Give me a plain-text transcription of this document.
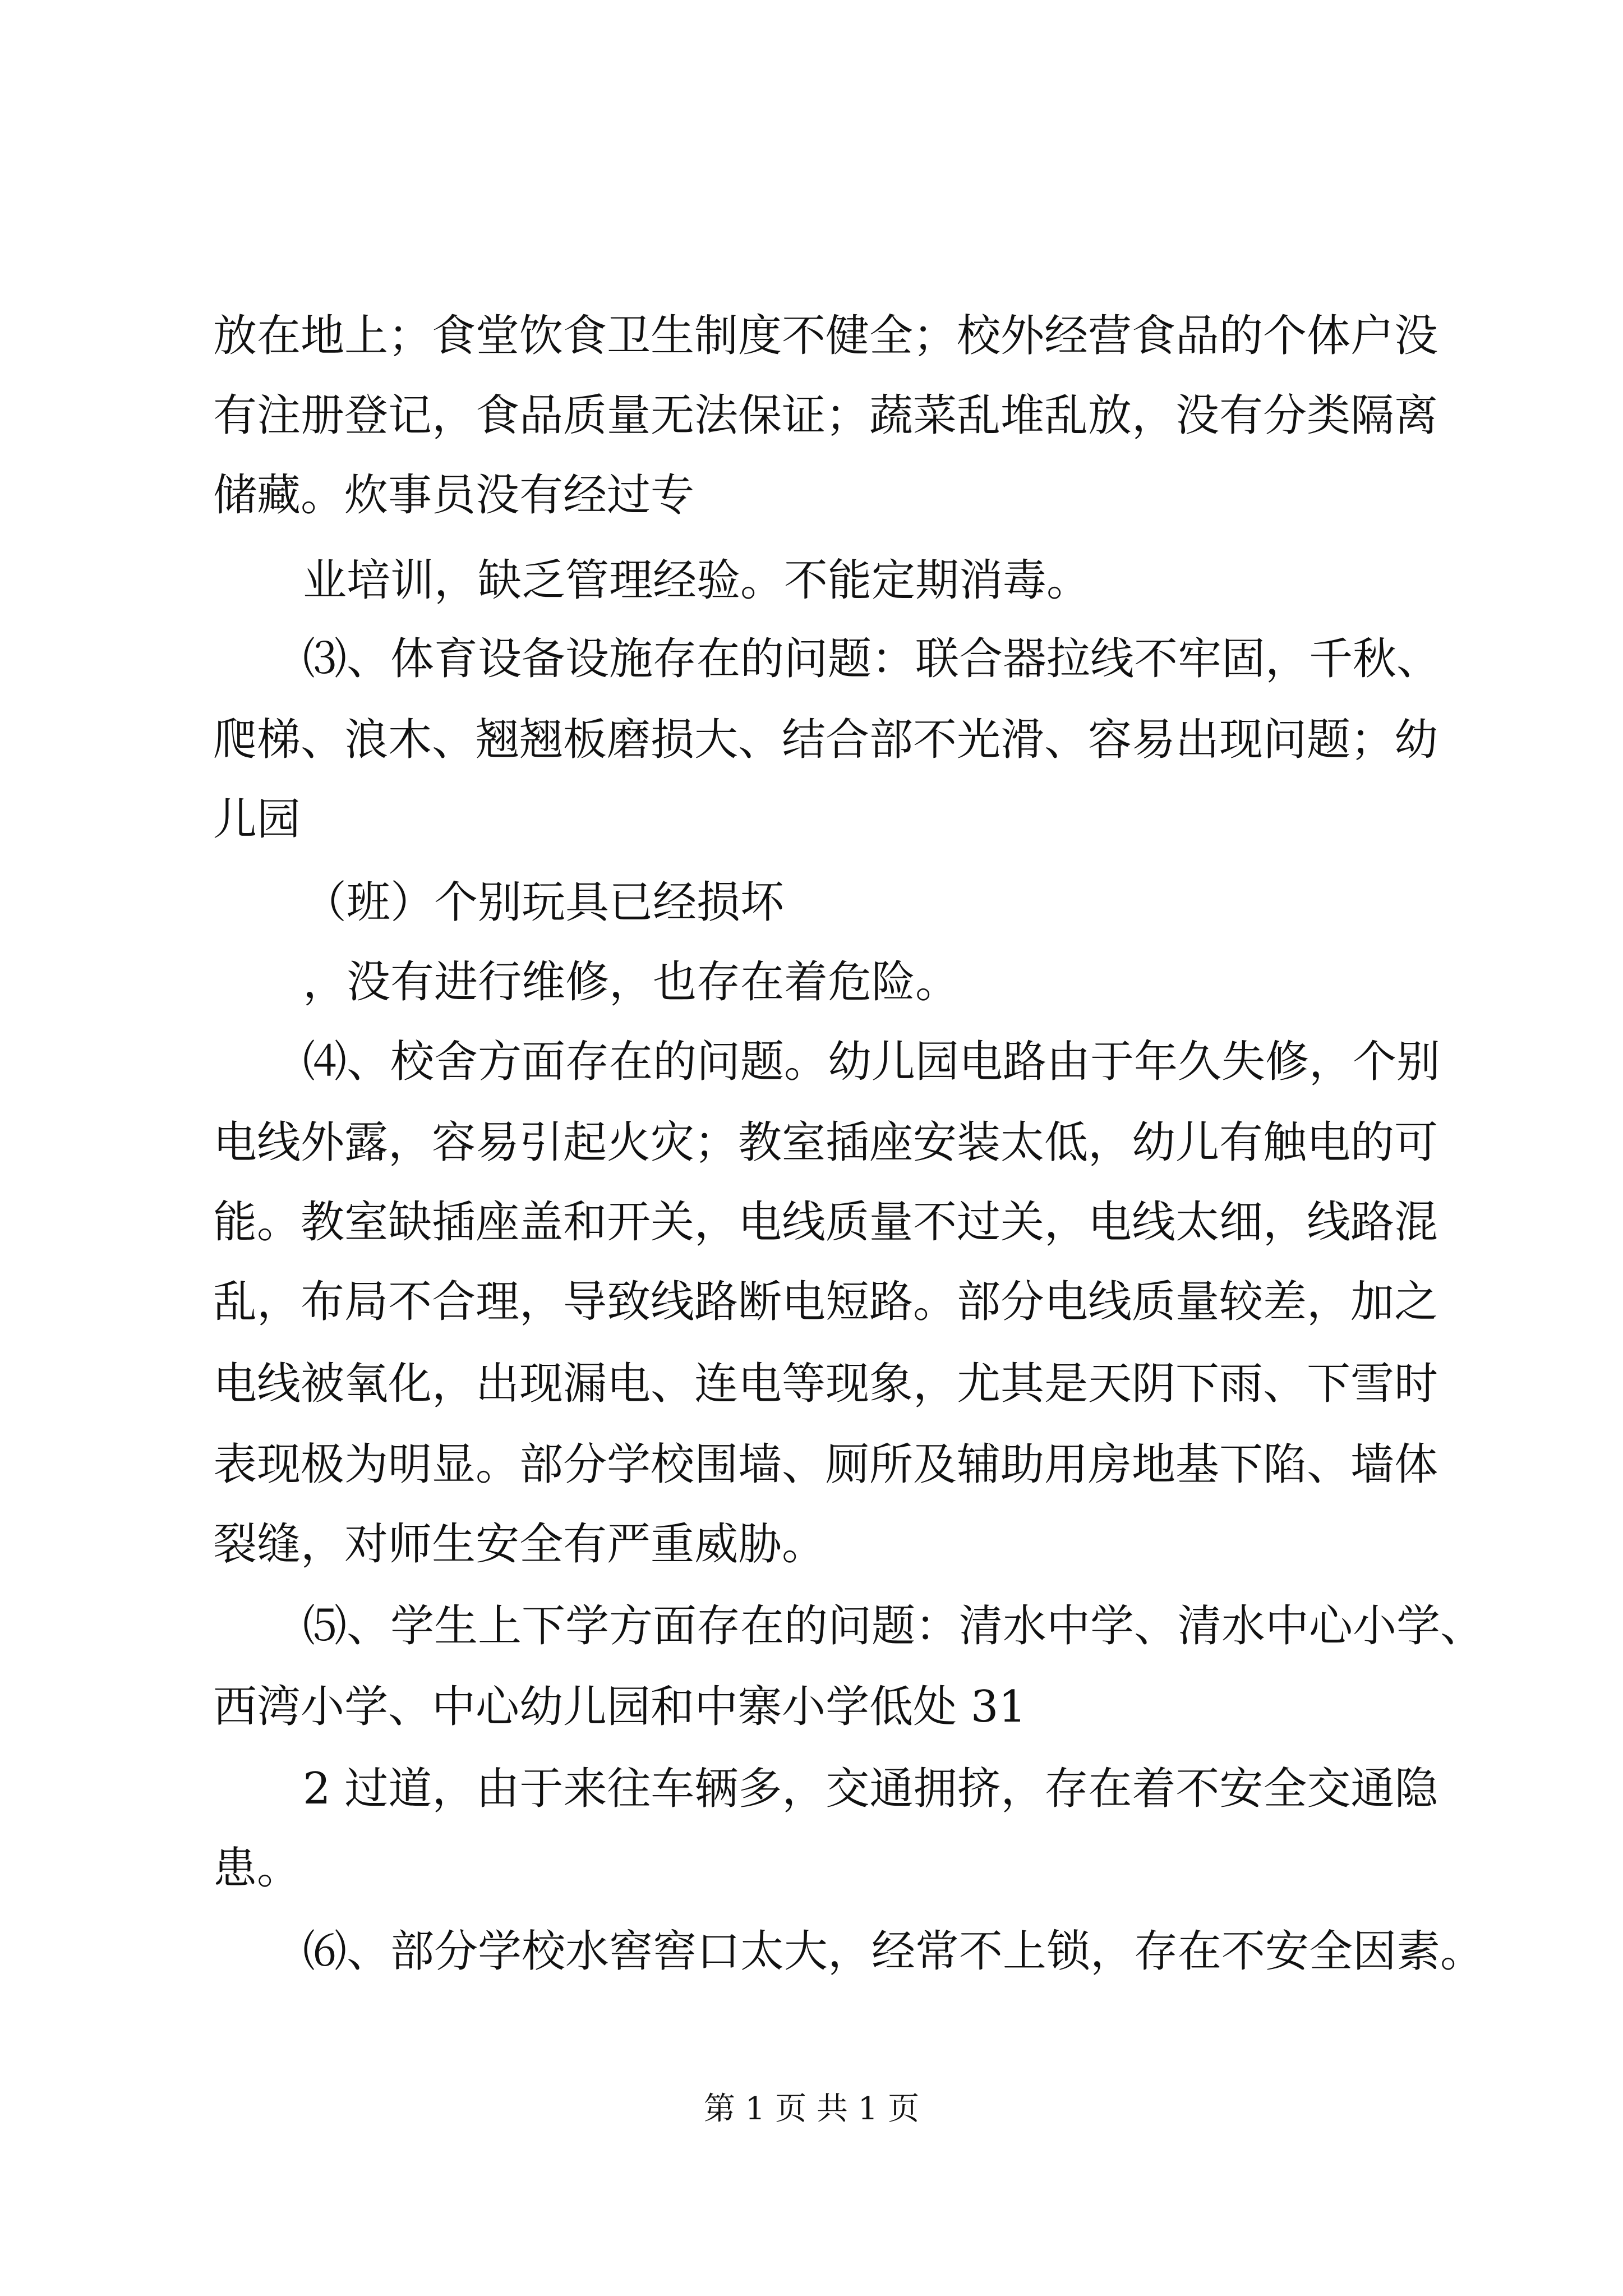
放在地上；食堂饮食卫生制度不健全；校外经营食品的个体户没
有注册登记，食品质量无法保证；蔬菜乱堆乱放，没有分类隔离
储藏。炊事员没有经过专
业培训，缺乏管理经验。不能定期消毒。
⑶、体育设备设施存在的问题：联合器拉线不牢固，千秋、
爬梯、浪木、翘翘板磨损大、结合部不光滑、容易出现问题；幼
儿园
（班）个别玩具已经损坏
，没有进行维修，也存在着危险。
⑷、校舍方面存在的问题。幼儿园电路由于年久失修，个别
电线外露，容易引起火灾；教室插座安装太低，幼儿有触电的可
能。教室缺插座盖和开关，电线质量不过关，电线太细，线路混
乱，布局不合理，导致线路断电短路。部分电线质量较差，加之
电线被氧化，出现漏电、连电等现象，尤其是天阴下雨、下雪时
表现极为明显。部分学校围墙、厕所及辅助用房地基下陷、墙体
裂缝，对师生安全有严重威胁。
⑸、学生上下学方面存在的问题：清水中学、清水中心小学、
西湾小学、中心幼儿园和中寨小学低处 31
2 过道，由于来往车辆多，交通拥挤，存在着不安全交通隐
患。
⑹、部分学校水窖窖口太大，经常不上锁，存在不安全因素。
第 1 页 共 1 页
